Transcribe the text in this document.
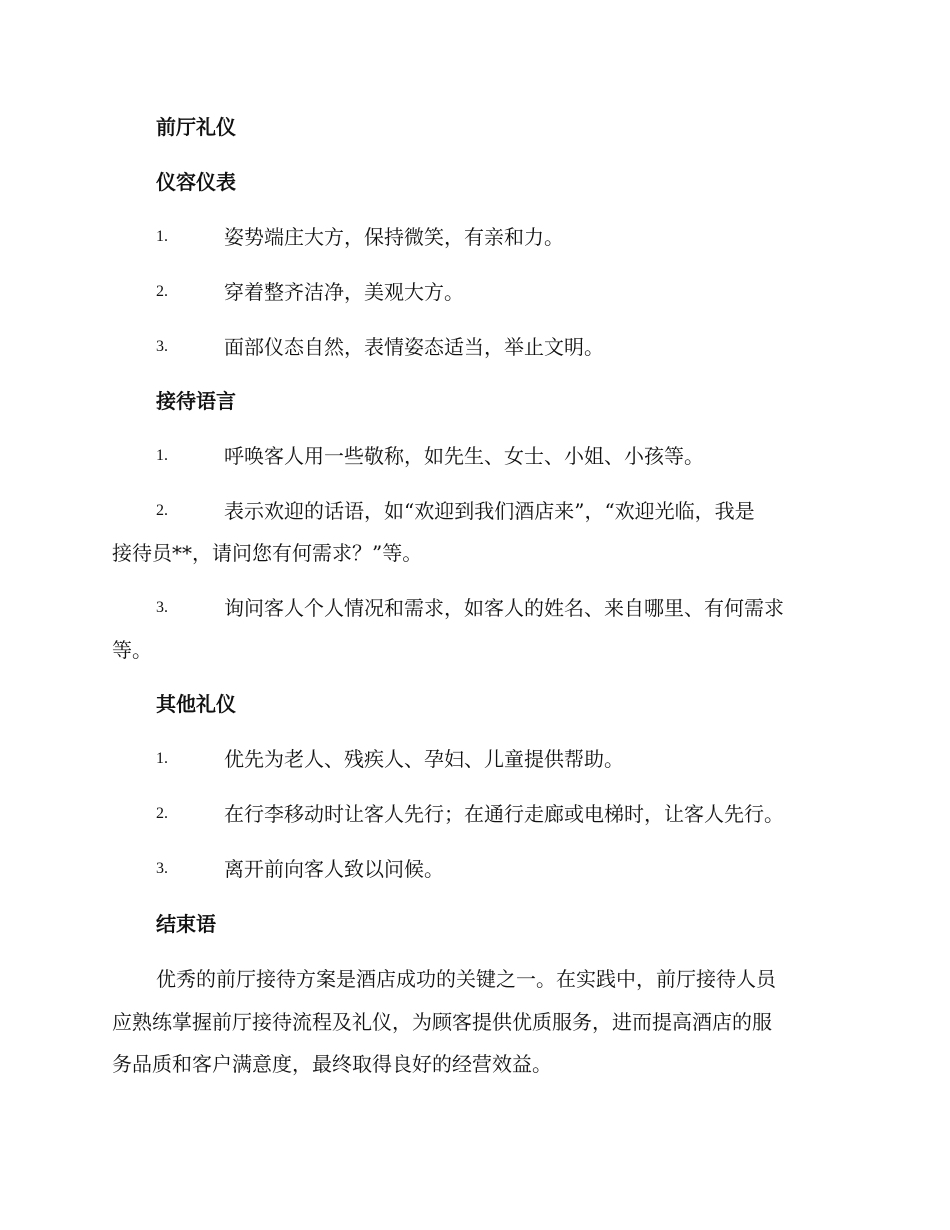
前厅礼仪
仪容仪表
1.	姿势端庄大方，保持微笑，有亲和力。
2.	穿着整齐洁净，美观大方。
3.	面部仪态自然，表情姿态适当，举止文明。
接待语言
1.	呼唤客人用一些敬称，如先生、女士、小姐、小孩等。
2.	表示欢迎的话语，如“欢迎到我们酒店来”，“欢迎光临，我是
接待员**，请问您有何需求？”等。
3.	询问客人个人情况和需求，如客人的姓名、来自哪里、有何需求
等。
其他礼仪
1.	优先为老人、残疾人、孕妇、儿童提供帮助。
2.	在行李移动时让客人先行；在通行走廊或电梯时，让客人先行。
3.	离开前向客人致以问候。
结束语
优秀的前厅接待方案是酒店成功的关键之一。在实践中，前厅接待人员
应熟练掌握前厅接待流程及礼仪，为顾客提供优质服务，进而提高酒店的服
务品质和客户满意度，最终取得良好的经营效益。
